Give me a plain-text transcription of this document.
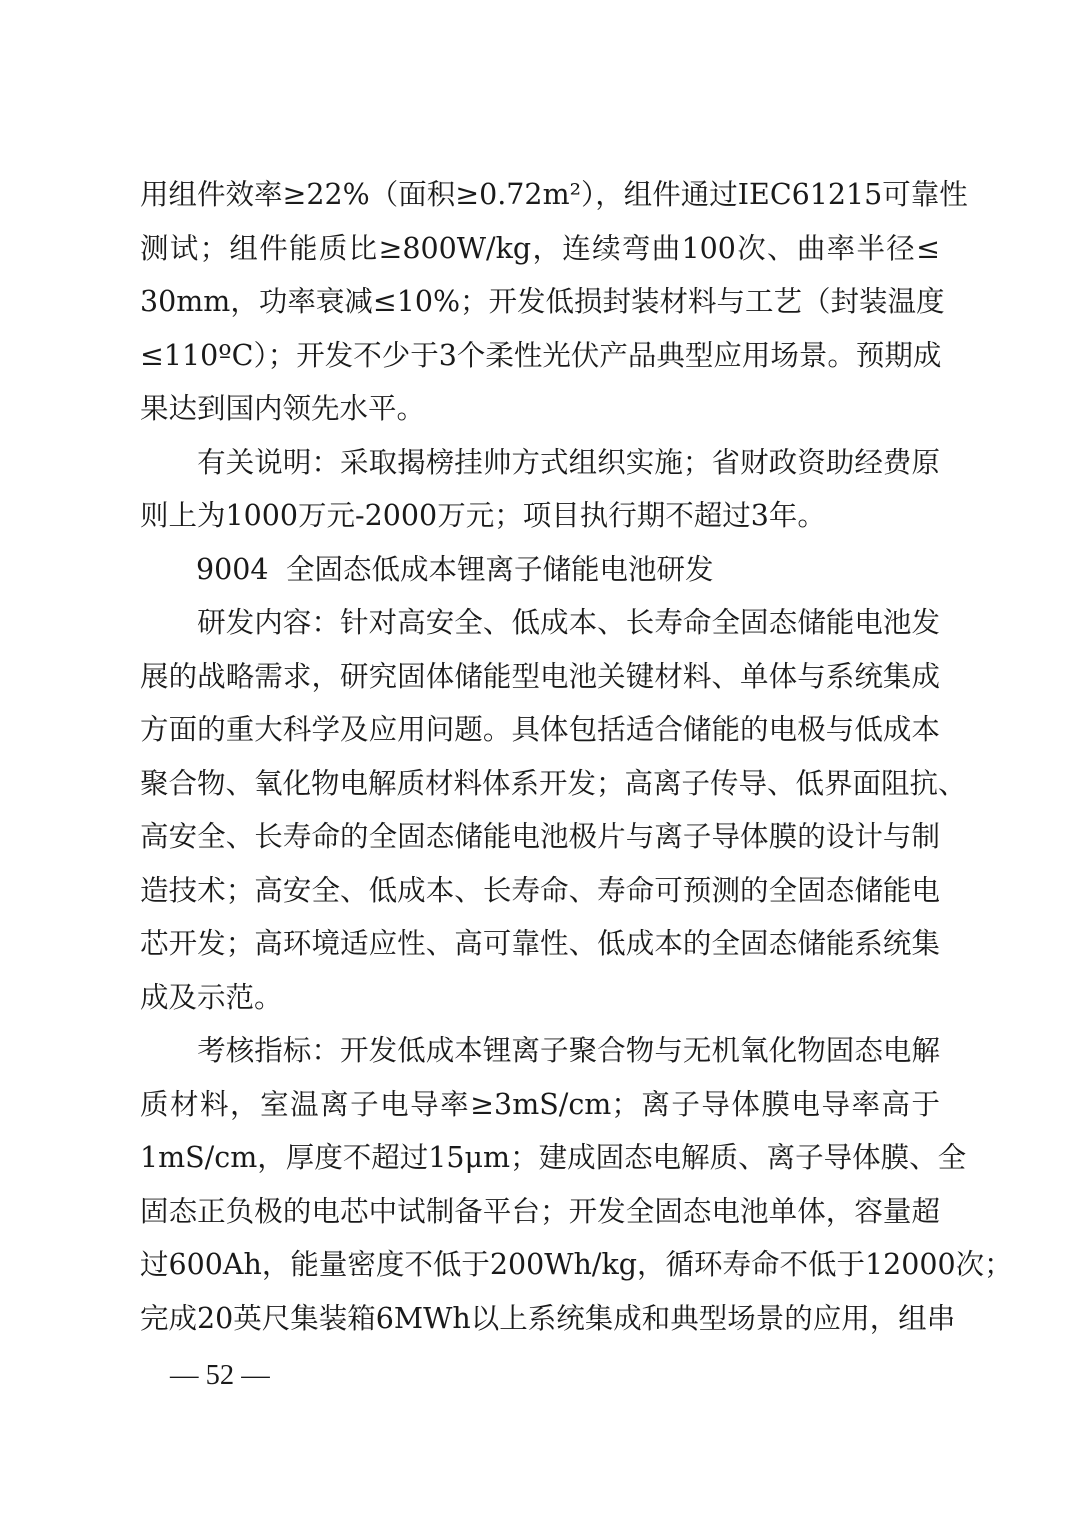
用组件效率≥22%（面积≥0.72m²），组件通过IEC61215可靠性
测试；组件能质比≥800W/kg，连续弯曲100次、曲率半径≤
30mm，功率衰减≤10%；开发低损封装材料与工艺（封装温度
≤110ºC）；开发不少于3个柔性光伏产品典型应用场景。预期成
果达到国内领先水平。
　　有关说明：采取揭榜挂帅方式组织实施；省财政资助经费原
则上为1000万元-2000万元；项目执行期不超过3年。
9004 全固态低成本锂离子储能电池研发
　　研发内容：针对高安全、低成本、长寿命全固态储能电池发
展的战略需求，研究固体储能型电池关键材料、单体与系统集成
方面的重大科学及应用问题。具体包括适合储能的电极与低成本
聚合物、氧化物电解质材料体系开发；高离子传导、低界面阻抗、
高安全、长寿命的全固态储能电池极片与离子导体膜的设计与制
造技术；高安全、低成本、长寿命、寿命可预测的全固态储能电
芯开发；高环境适应性、高可靠性、低成本的全固态储能系统集
成及示范。
　　考核指标：开发低成本锂离子聚合物与无机氧化物固态电解
质材料，室温离子电导率≥3mS/cm；离子导体膜电导率高于
1mS/cm，厚度不超过15μm；建成固态电解质、离子导体膜、全
固态正负极的电芯中试制备平台；开发全固态电池单体，容量超
过600Ah，能量密度不低于200Wh/kg，循环寿命不低于12000次；
完成20英尺集装箱6MWh以上系统集成和典型场景的应用，组串
— 52 —
